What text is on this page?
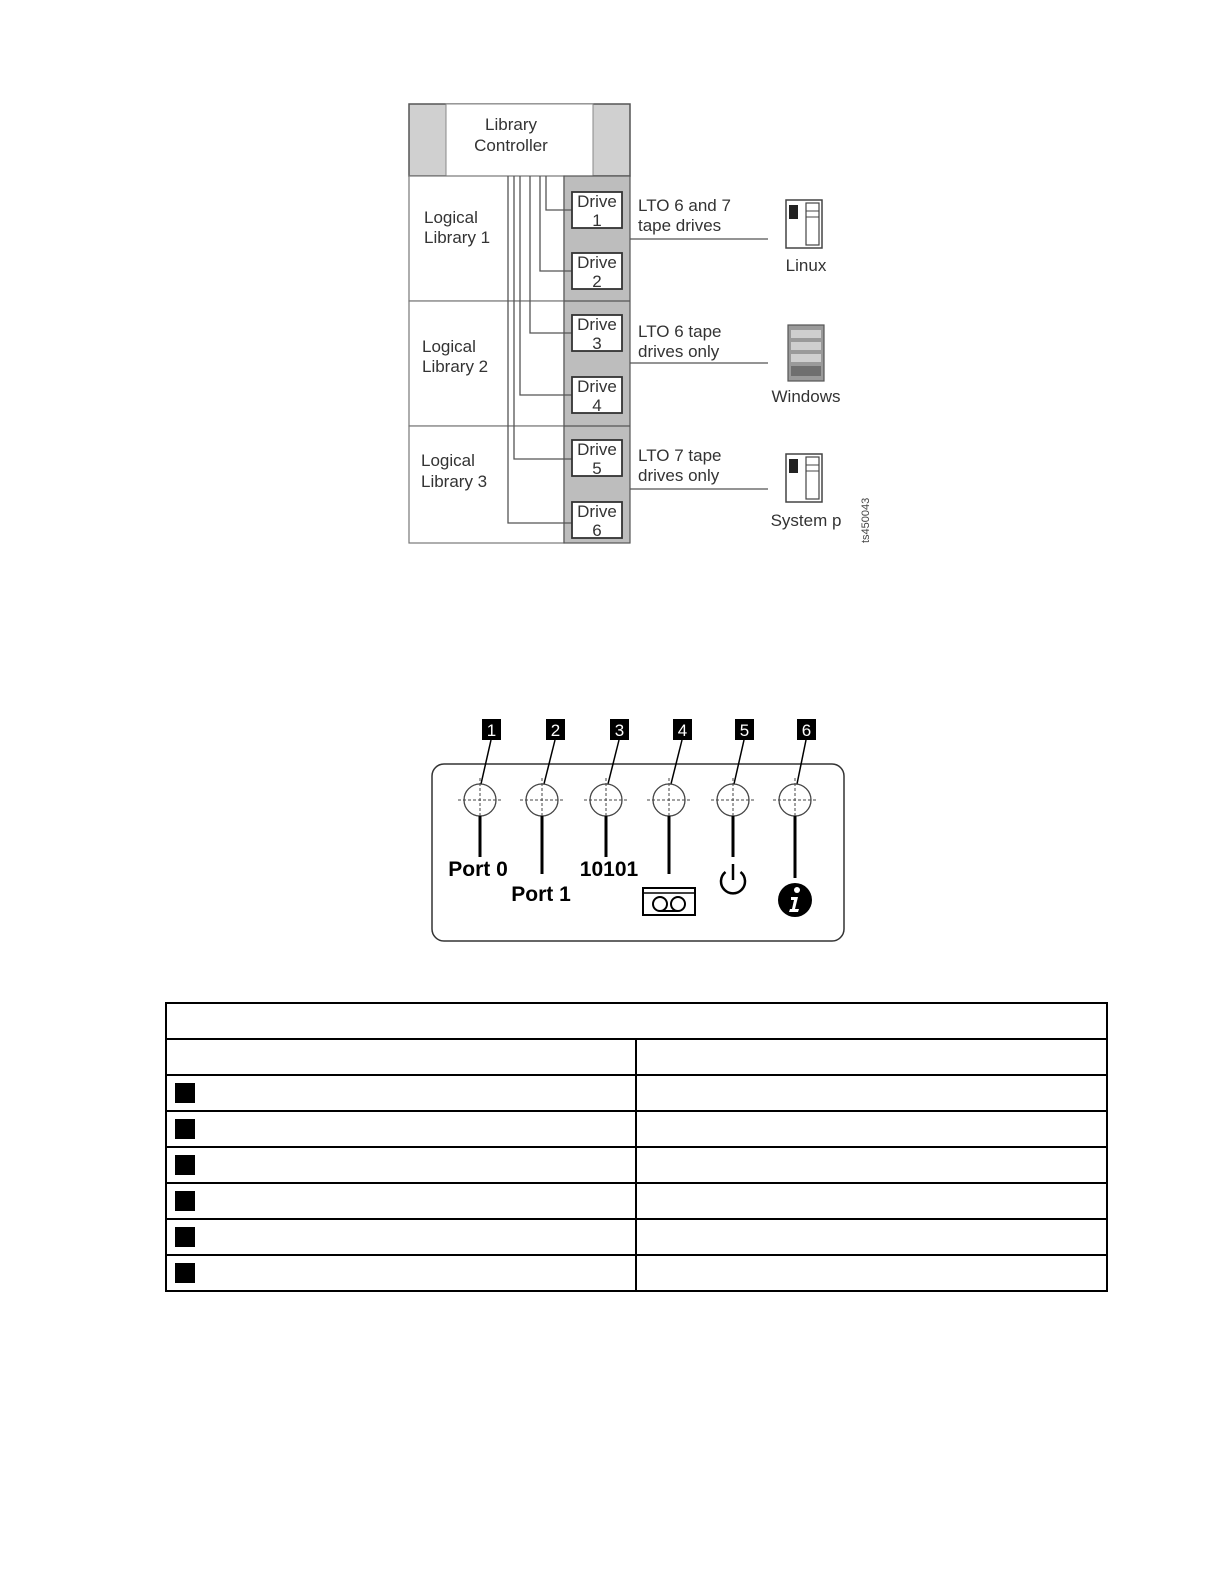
Library
Controller
Logical
Library 1
Logical
Library 2
Logical
Library 3
Drive
1
Drive
2
Drive
3
Drive
4
Drive
5
Drive
6
LTO 6 and 7
tape drives
Linux
LTO 6 tape
drives only
Windows
LTO 7 tape
drives only
System p ts450043
1
Port 0
2
Port 1
3
10101
4	5	6
